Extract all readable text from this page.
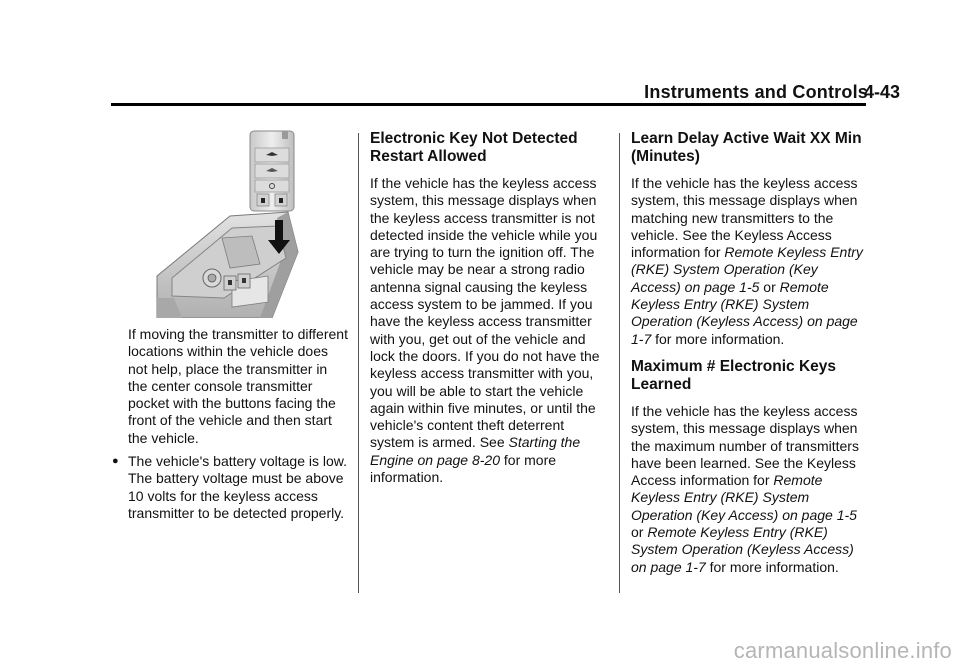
Instruments and Controls
4-43

If moving the transmitter to different locations within the vehicle does not help, place the transmitter in the center console transmitter pocket with the buttons facing the front of the vehicle and then start the vehicle.

● The vehicle's battery voltage is low. The battery voltage must be above 10 volts for the keyless access transmitter to be detected properly.
Electronic Key Not Detected Restart Allowed

If the vehicle has the keyless access system, this message displays when the keyless access transmitter is not detected inside the vehicle while you are trying to turn the ignition off. The vehicle may be near a strong radio antenna signal causing the keyless access system to be jammed. If you have the keyless access transmitter with you, get out of the vehicle and lock the doors. If you do not have the keyless access transmitter with you, you will be able to start the vehicle again within five minutes, or until the vehicle's content theft deterrent system is armed. See Starting the Engine on page 8-20 for more information.

Learn Delay Active Wait XX Min (Minutes)

If the vehicle has the keyless access system, this message displays when matching new transmitters to the vehicle. See the Keyless Access information for Remote Keyless Entry (RKE) System Operation (Key Access) on page 1-5 or Remote Keyless Entry (RKE) System Operation (Keyless Access) on page 1-7 for more information.

Maximum # Electronic Keys Learned

If the vehicle has the keyless access system, this message displays when the maximum number of transmitters have been learned. See the Keyless Access information for Remote Keyless Entry (RKE) System Operation (Key Access) on page 1-5 or Remote Keyless Entry (RKE) System Operation (Keyless Access) on page 1-7 for more information.

carmanualsonline.info
